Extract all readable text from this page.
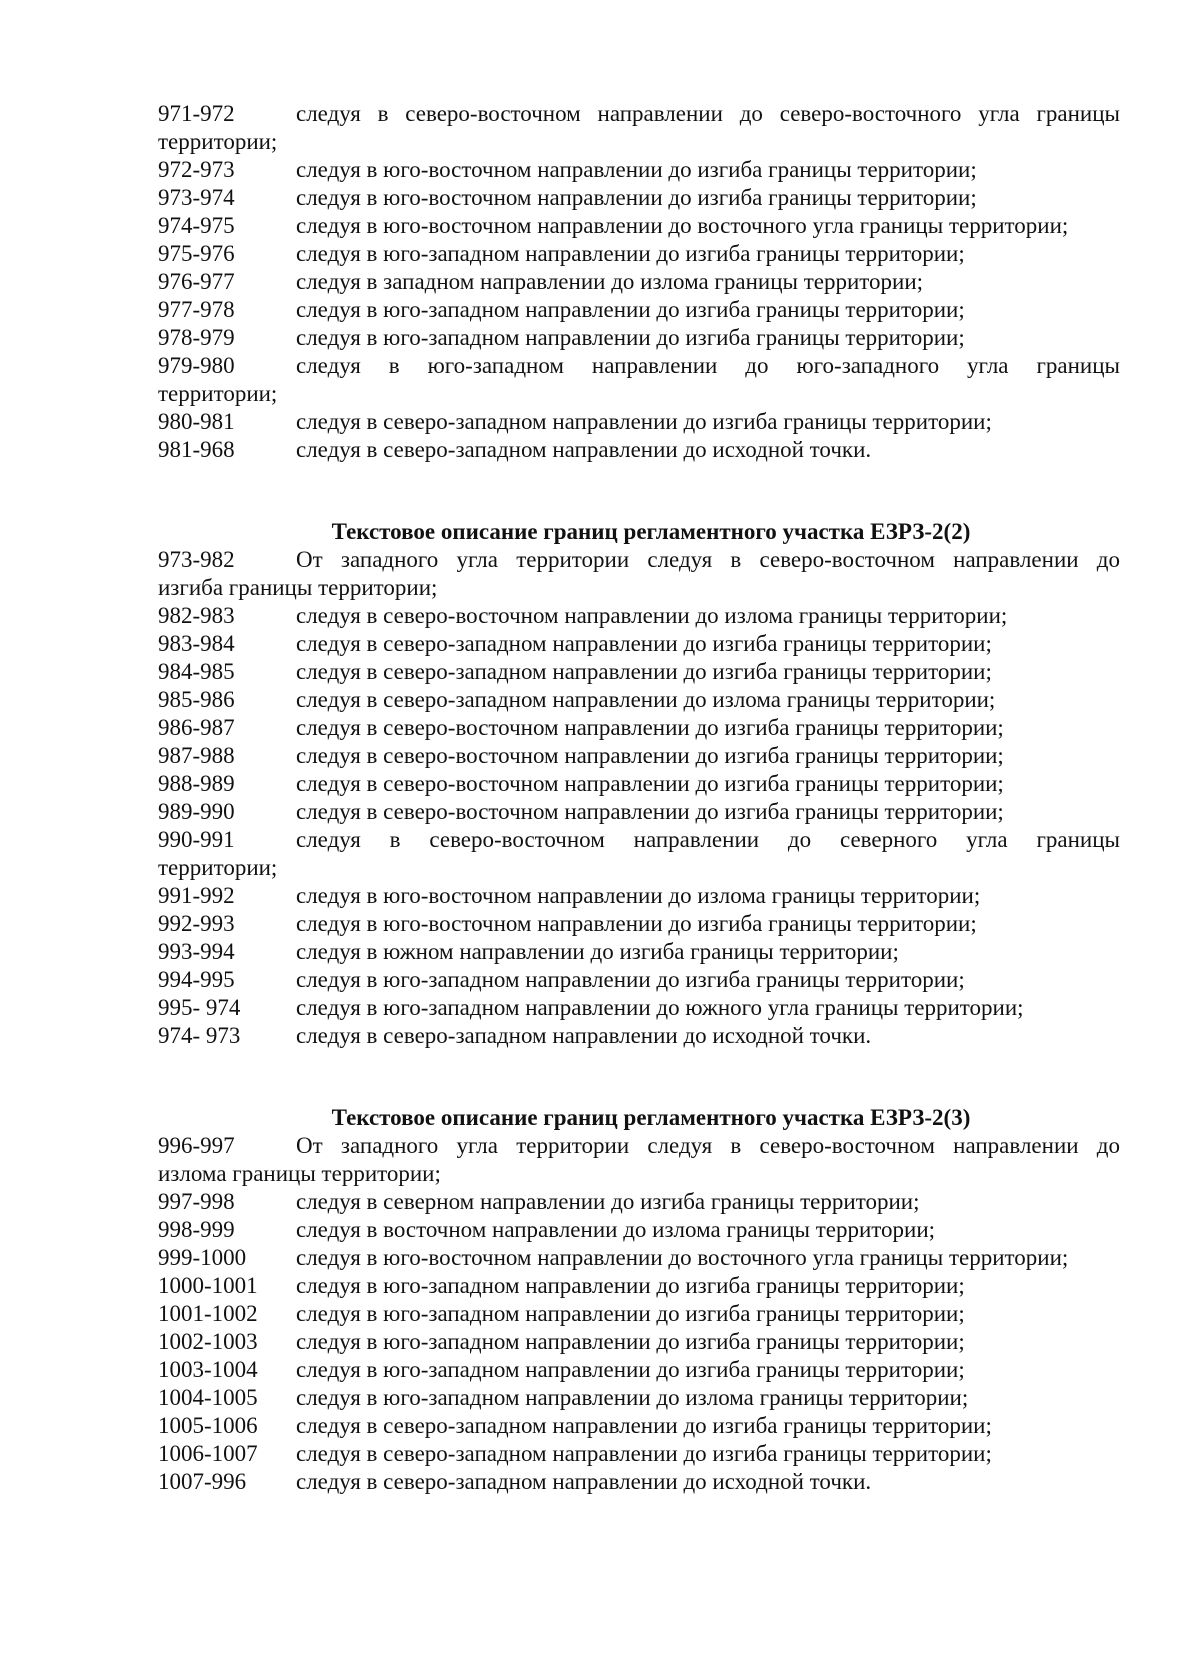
971-972	следуя в северо-восточном направлении до северо-восточного угла границы
территории;
972-973	следуя в юго-восточном направлении до изгиба границы территории;
973-974	следуя в юго-восточном направлении до изгиба границы территории;
974-975	следуя в юго-восточном направлении до восточного угла границы территории;
975-976	следуя в юго-западном направлении до изгиба границы территории;
976-977	следуя в западном направлении до излома границы территории;
977-978	следуя в юго-западном направлении до изгиба границы территории;
978-979	следуя в юго-западном направлении до изгиба границы территории;
979-980	следуя в юго-западном направлении до юго-западного угла границы
территории;
980-981	следуя в северо-западном направлении до изгиба границы территории;
981-968	следуя в северо-западном направлении до исходной точки.
Текстовое описание границ регламентного участка ЕЗРЗ-2(2)
973-982	От западного угла территории следуя в северо-восточном направлении до
изгиба границы территории;
982-983	следуя в северо-восточном направлении до излома границы территории;
983-984	следуя в северо-западном направлении до изгиба границы территории;
984-985	следуя в северо-западном направлении до изгиба границы территории;
985-986	следуя в северо-западном направлении до излома границы территории;
986-987	следуя в северо-восточном направлении до изгиба границы территории;
987-988	следуя в северо-восточном направлении до изгиба границы территории;
988-989	следуя в северо-восточном направлении до изгиба границы территории;
989-990	следуя в северо-восточном направлении до изгиба границы территории;
990-991	следуя в северо-восточном направлении до северного угла границы
территории;
991-992	следуя в юго-восточном направлении до излома границы территории;
992-993	следуя в юго-восточном направлении до изгиба границы территории;
993-994	следуя в южном направлении до изгиба границы территории;
994-995	следуя в юго-западном направлении до изгиба границы территории;
995- 974	следуя в юго-западном направлении до южного угла границы территории;
974- 973	следуя в северо-западном направлении до исходной точки.
Текстовое описание границ регламентного участка ЕЗРЗ-2(3)
996-997	От западного угла территории следуя в северо-восточном направлении до
излома границы территории;
997-998	следуя в северном направлении до изгиба границы территории;
998-999	следуя в восточном направлении до излома границы территории;
999-1000	следуя в юго-восточном направлении до восточного угла границы территории;
1000-1001	следуя в юго-западном направлении до изгиба границы территории;
1001-1002	следуя в юго-западном направлении до изгиба границы территории;
1002-1003	следуя в юго-западном направлении до изгиба границы территории;
1003-1004	следуя в юго-западном направлении до изгиба границы территории;
1004-1005	следуя в юго-западном направлении до излома границы территории;
1005-1006	следуя в северо-западном направлении до изгиба границы территории;
1006-1007	следуя в северо-западном направлении до изгиба границы территории;
1007-996	следуя в северо-западном направлении до исходной точки.
